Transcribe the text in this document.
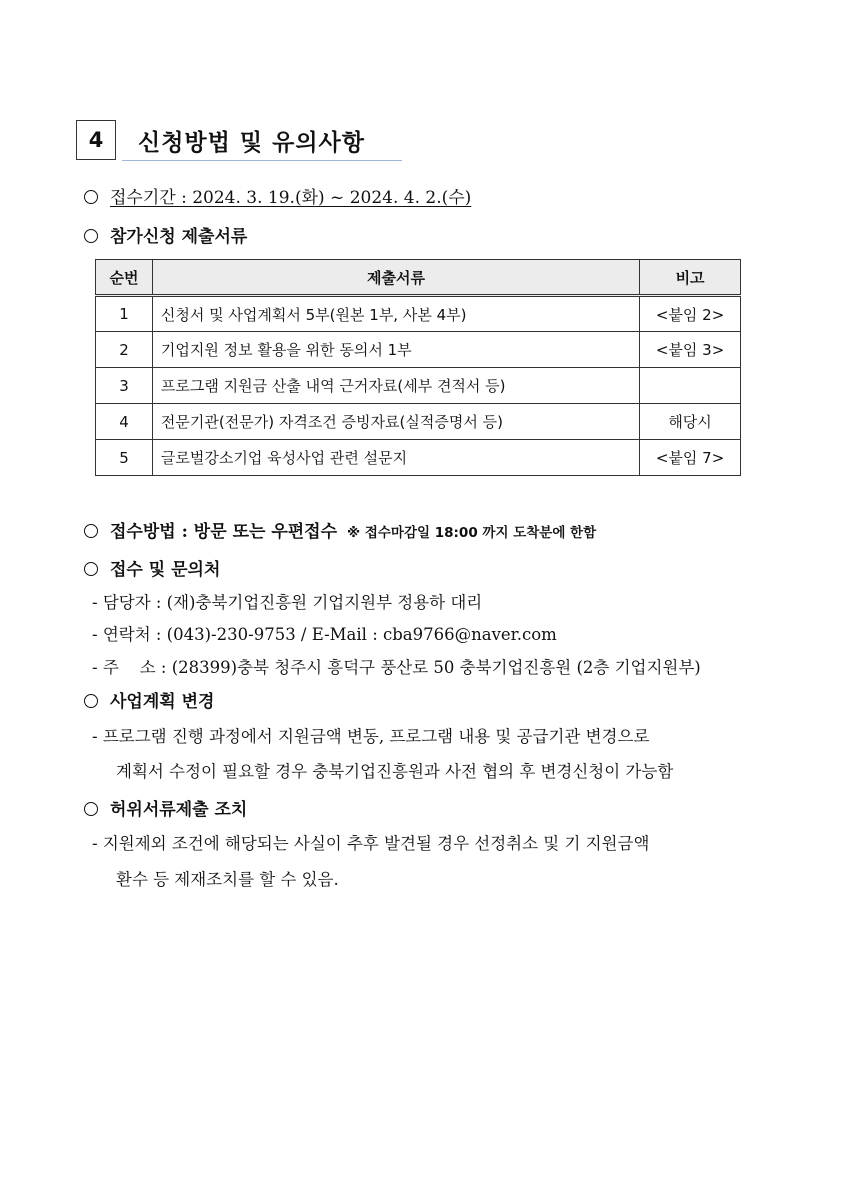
4	신청방법 및 유의사항
접수기간 : 2024. 3. 19.(화) ~ 2024. 4. 2.(수)
참가신청 제출서류
순번	제출서류	비고
1	신청서 및 사업계획서 5부(원본 1부, 사본 4부)	<붙임 2>
2	기업지원 정보 활용을 위한 동의서 1부	<붙임 3>
3	프로그램 지원금 산출 내역 근거자료(세부 견적서 등)	
4	전문기관(전문가) 자격조건 증빙자료(실적증명서 등)	해당시
5	글로벌강소기업 육성사업 관련 설문지	<붙임 7>
접수방법 : 방문 또는 우편접수 ※ 접수마감일 18:00 까지 도착분에 한함
접수 및 문의처
- 담당자 : (재)충북기업진흥원 기업지원부 정용하 대리
- 연락처 : (043)-230-9753 / E-Mail : cba9766@naver.com
- 주    소 : (28399)충북 청주시 흥덕구 풍산로 50 충북기업진흥원 (2층 기업지원부)
사업계획 변경
- 프로그램 진행 과정에서 지원금액 변동, 프로그램 내용 및 공급기관 변경으로
계획서 수정이 필요할 경우 충북기업진흥원과 사전 협의 후 변경신청이 가능함
허위서류제출 조치
- 지원제외 조건에 해당되는 사실이 추후 발견될 경우 선정취소 및 기 지원금액
환수 등 제재조치를 할 수 있음.
